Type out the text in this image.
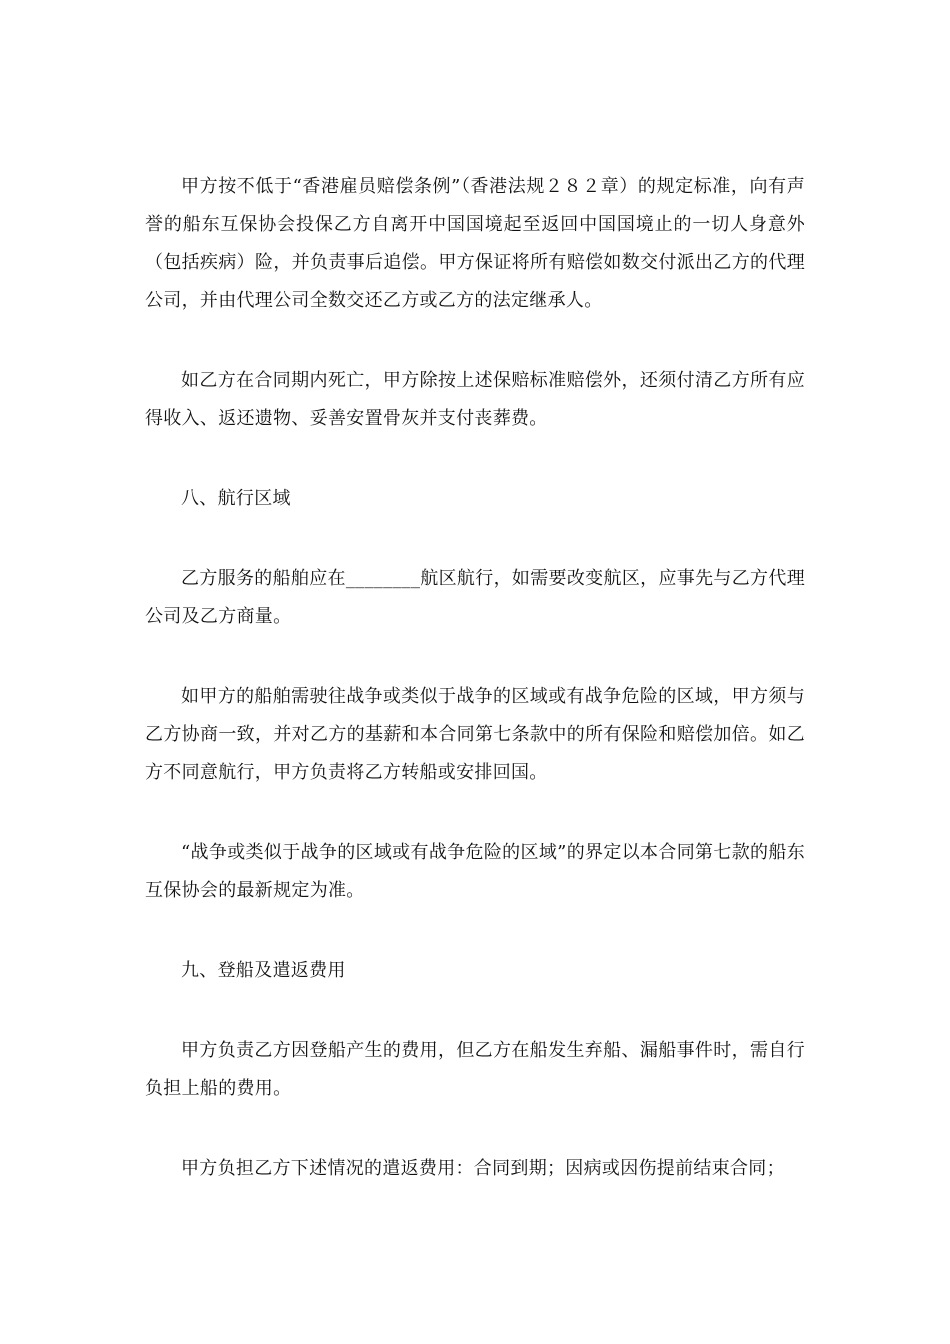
甲方按不低于“香港雇员赔偿条例”（香港法规２８２章）的规定标准，向有声誉的船东互保协会投保乙方自离开中国国境起至返回中国国境止的一切人身意外（包括疾病）险，并负责事后追偿。甲方保证将所有赔偿如数交付派出乙方的代理公司，并由代理公司全数交还乙方或乙方的法定继承人。

如乙方在合同期内死亡，甲方除按上述保赔标准赔偿外，还须付清乙方所有应得收入、返还遗物、妥善安置骨灰并支付丧葬费。

八、航行区域

乙方服务的船舶应在________航区航行，如需要改变航区，应事先与乙方代理公司及乙方商量。

如甲方的船舶需驶往战争或类似于战争的区域或有战争危险的区域，甲方须与乙方协商一致，并对乙方的基薪和本合同第七条款中的所有保险和赔偿加倍。如乙方不同意航行，甲方负责将乙方转船或安排回国。

“战争或类似于战争的区域或有战争危险的区域”的界定以本合同第七款的船东互保协会的最新规定为准。

九、登船及遣返费用

甲方负责乙方因登船产生的费用，但乙方在船发生弃船、漏船事件时，需自行负担上船的费用。

甲方负担乙方下述情况的遣返费用：合同到期；因病或因伤提前结束合同；
